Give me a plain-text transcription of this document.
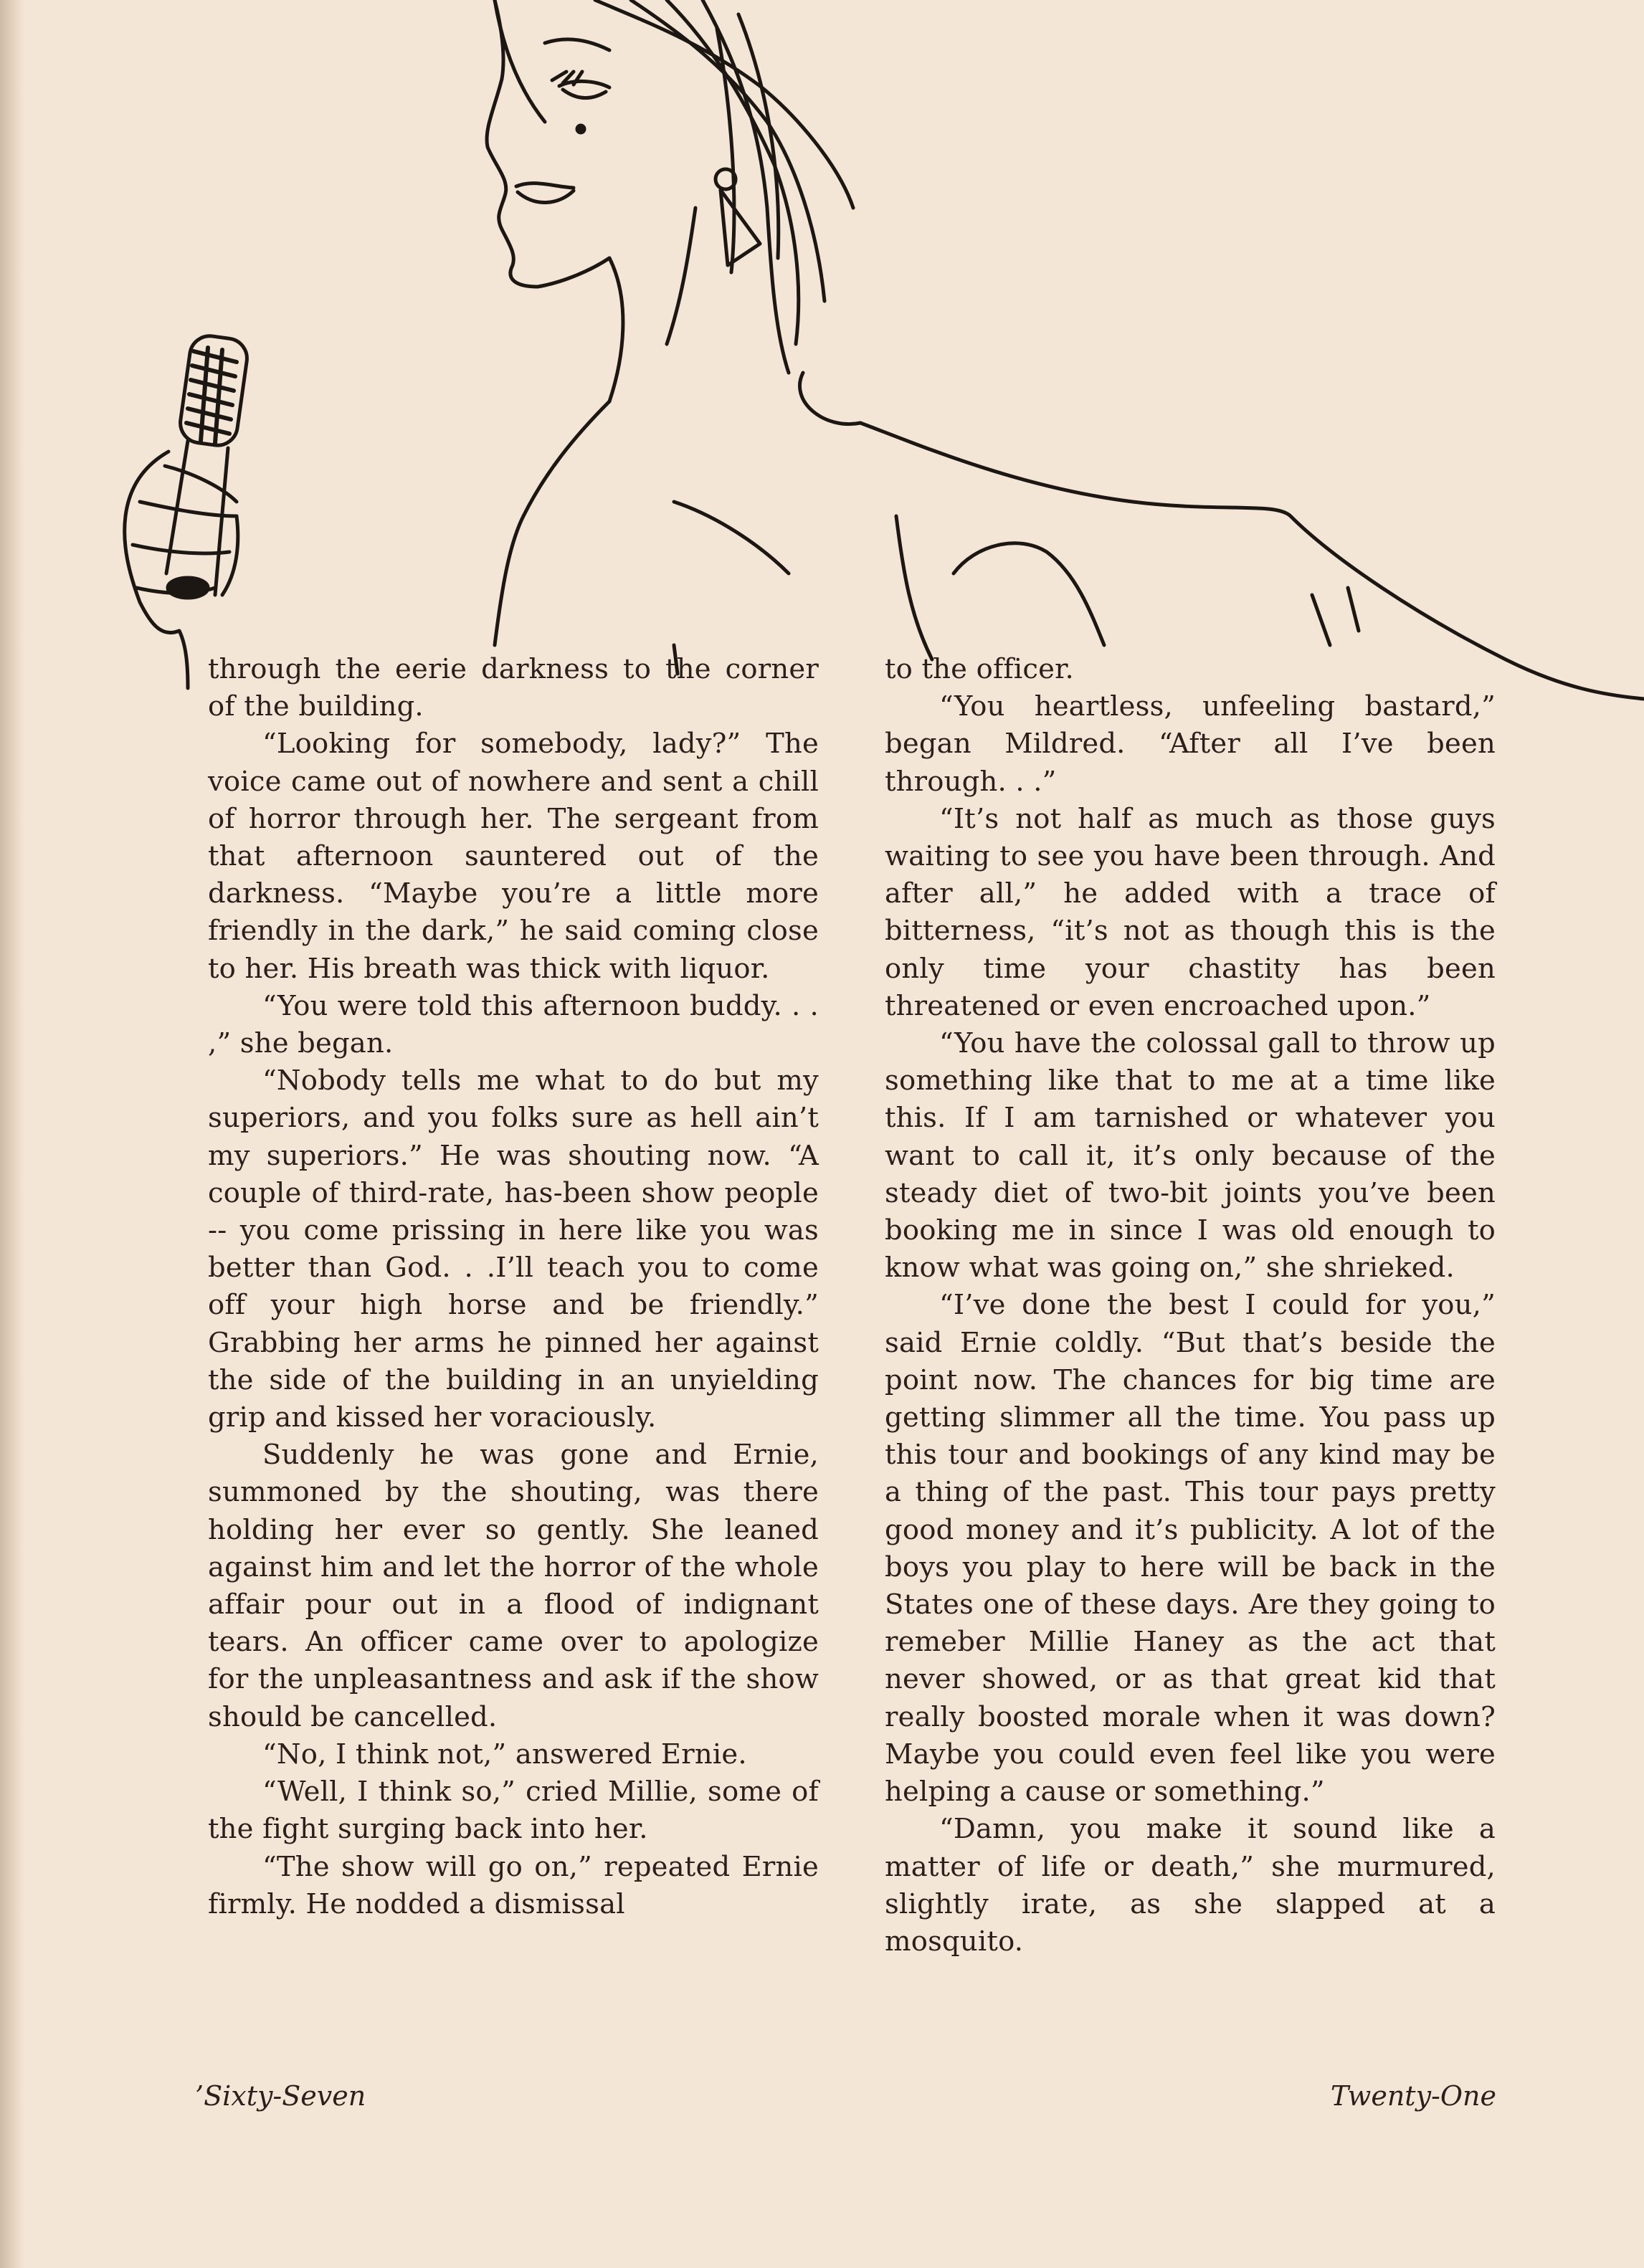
through the eerie darkness to the corner of the building.

“Looking for somebody, lady?” The voice came out of nowhere and sent a chill of horror through her. The sergeant from that afternoon sauntered out of the darkness. “Maybe you’re a little more friendly in the dark,” he said coming close to her. His breath was thick with liquor.

“You were told this afternoon buddy. . . ,” she began.

“Nobody tells me what to do but my superiors, and you folks sure as hell ain’t my superiors.” He was shouting now. “A couple of third-rate, has-been show people -- you come prissing in here like you was better than God. . .I’ll teach you to come off your high horse and be friendly.” Grabbing her arms he pinned her against the side of the building in an unyielding grip and kissed her voraciously.

Suddenly he was gone and Ernie, summoned by the shouting, was there holding her ever so gently. She leaned against him and let the horror of the whole affair pour out in a flood of indignant tears. An officer came over to apologize for the unpleasantness and ask if the show should be cancelled.

“No, I think not,” answered Ernie.

“Well, I think so,” cried Millie, some of the fight surging back into her.

“The show will go on,” repeated Ernie firmly. He nodded a dismissal

to the officer.

“You heartless, unfeeling bastard,” began Mildred. “After all I’ve been through. . .”

“It’s not half as much as those guys waiting to see you have been through. And after all,” he added with a trace of bitterness, “it’s not as though this is the only time your chastity has been threatened or even encroached upon.”

“You have the colossal gall to throw up something like that to me at a time like this. If I am tarnished or whatever you want to call it, it’s only because of the steady diet of two-bit joints you’ve been booking me in since I was old enough to know what was going on,” she shrieked.

“I’ve done the best I could for you,” said Ernie coldly. “But that’s beside the point now. The chances for big time are getting slimmer all the time. You pass up this tour and bookings of any kind may be a thing of the past. This tour pays pretty good money and it’s publicity. A lot of the boys you play to here will be back in the States one of these days. Are they going to remeber Millie Haney as the act that never showed, or as that great kid that really boosted morale when it was down? Maybe you could even feel like you were helping a cause or something.”

“Damn, you make it sound like a matter of life or death,” she murmured, slightly irate, as she slapped at a mosquito.

’Sixty-Seven	Twenty-One
